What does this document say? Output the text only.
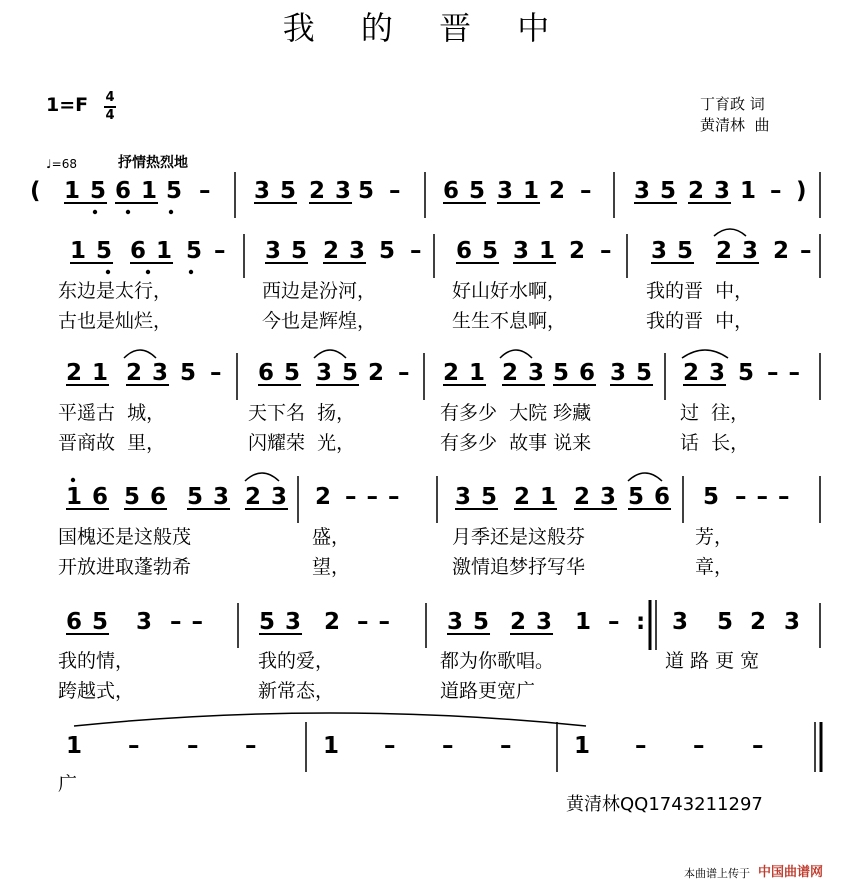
我 的 晋 中
1=F 4
4
丁育政 词
黄清林  曲
♩=68	抒情热烈地
( 1 5 6 1 5 – 3 5 2 3 5 – 6 5 3 1 2 – 3 5 2 3 1 – )
1 5 6 1 5 – 3 5 2 3 5 – 6 5 3 1 2 – 3 5 2 3 2 –
东边是太行，	西边是汾河，	好山好水啊，	我的晋  中，
古也是灿烂，	今也是辉煌，	生生不息啊，	我的晋  中，
2 1 2 3 5 – 6 5 3 5 2 – 2 1 2 3 5 6 3 5 2 3 5 – –
平遥古  城，	天下名  扬，	有多少  大院 珍藏	过  往，
晋商故  里，	闪耀荣  光，	有多少  故事 说来	话  长，
1 6 5 6 5 3 2 3 2 – – – 3 5 2 1 2 3 5 6 5 – – –
国槐还是这般茂	盛，	月季还是这般芬	芳，
开放进取蓬勃希	望，	激情追梦抒写华	章，
6 5 3 – – 5 3 2 – – 3 5 2 3 1 – : 3 5 2 3
我的情，	我的爱，	都为你歌唱。	道 路 更 宽
跨越式，	新常态，	道路更宽广
1 – – –	1 – – –	1 – – –
广
黄清林QQ1743211297
本曲谱上传于 中国曲谱网
